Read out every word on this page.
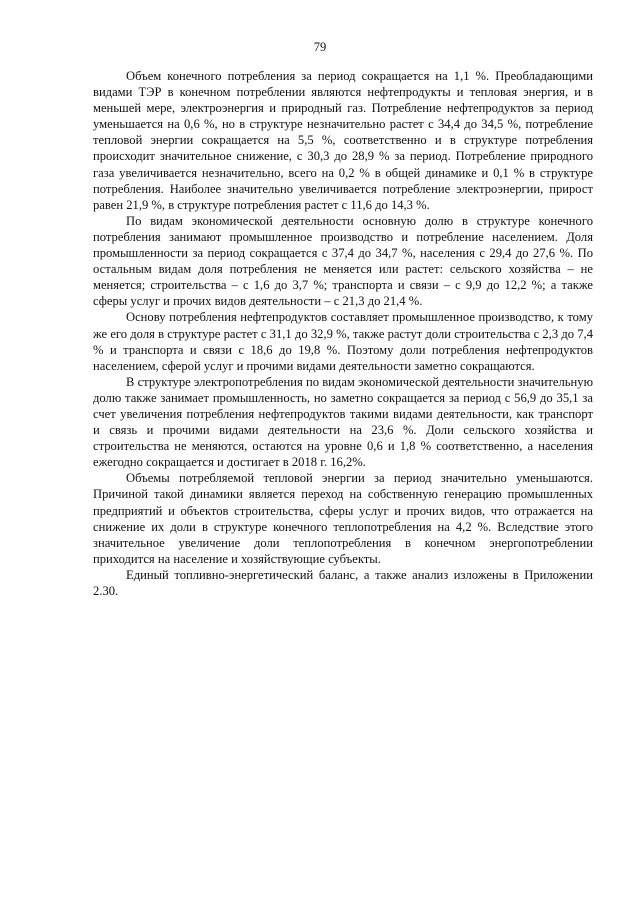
79

Объем конечного потребления за период сокращается на 1,1 %. Преобладающими видами ТЭР в конечном потреблении являются нефтепродукты и тепловая энергия, и в меньшей мере, электроэнергия и природный газ. Потребление нефтепродуктов за период уменьшается на 0,6 %, но в структуре незначительно растет с 34,4 до 34,5 %, потребление тепловой энергии сокращается на 5,5 %, соответственно и в структуре потребления происходит значительное снижение, с 30,3 до 28,9 % за период. Потребление природного газа увеличивается незначительно, всего на 0,2 % в общей динамике и 0,1 % в структуре потребления. Наиболее значительно увеличивается потребление электроэнергии, прирост равен 21,9 %, в структуре потребления растет с 11,6 до 14,3 %.

По видам экономической деятельности основную долю в структуре конечного потребления занимают промышленное производство и потребление населением. Доля промышленности за период сокращается с 37,4 до 34,7 %, населения с 29,4 до 27,6 %. По остальным видам доля потребления не меняется или растет: сельского хозяйства – не меняется; строительства – с 1,6 до 3,7 %; транспорта и связи – с 9,9 до 12,2 %; а также сферы услуг и прочих видов деятельности – с 21,3 до 21,4 %.

Основу потребления нефтепродуктов составляет промышленное производство, к тому же его доля в структуре растет с 31,1 до 32,9 %, также растут доли строительства с 2,3 до 7,4 % и транспорта и связи с 18,6 до 19,8 %. Поэтому доли потребления нефтепродуктов населением, сферой услуг и прочими видами деятельности заметно сокращаются.

В структуре электропотребления по видам экономической деятельности значительную долю также занимает промышленность, но заметно сокращается за период с 56,9 до 35,1 за счет увеличения потребления нефтепродуктов такими видами деятельности, как транспорт и связь и прочими видами деятельности на 23,6 %. Доли сельского хозяйства и строительства не меняются, остаются на уровне 0,6 и 1,8 % соответственно, а населения ежегодно сокращается и достигает в 2018 г. 16,2%.

Объемы потребляемой тепловой энергии за период значительно уменьшаются. Причиной такой динамики является переход на собственную генерацию промышленных предприятий и объектов строительства, сферы услуг и прочих видов, что отражается на снижение их доли в структуре конечного теплопотребления на 4,2 %. Вследствие этого значительное увеличение доли теплопотребления в конечном энергопотреблении приходится на население и хозяйствующие субъекты.

Единый топливно-энергетический баланс, а также анализ изложены в Приложении 2.30.
